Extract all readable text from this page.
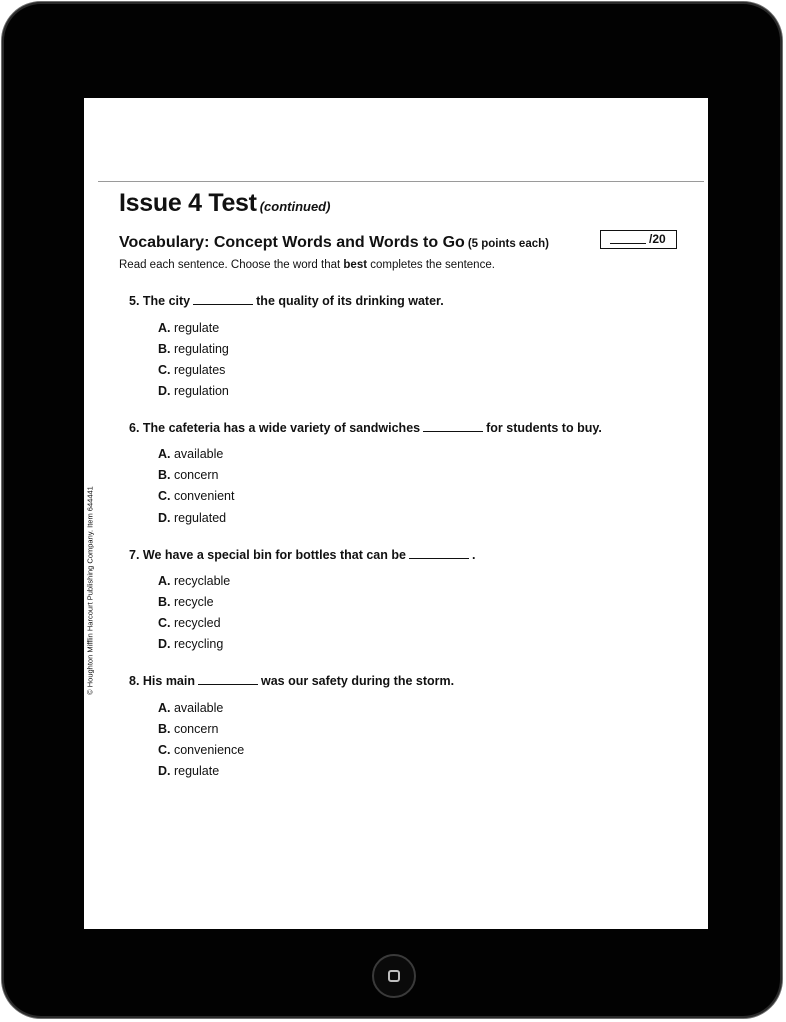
Issue 4 Test (continued)
Vocabulary: Concept Words and Words to Go (5 points each)	/20
Read each sentence. Choose the word that best completes the sentence.
5. The city	the quality of its drinking water.
A. regulate
B. regulating
C. regulates
D. regulation
6. The cafeteria has a wide variety of sandwiches	for students to buy.
A. available
B. concern
C. convenient
D. regulated
7. We have a special bin for bottles that can be	.
A. recyclable
B. recycle
C. recycled
D. recycling
8. His main	was our safety during the storm.
A. available
B. concern
C. convenience
D. regulate
© Houghton Mifflin Harcourt Publishing Company. Item 644441
